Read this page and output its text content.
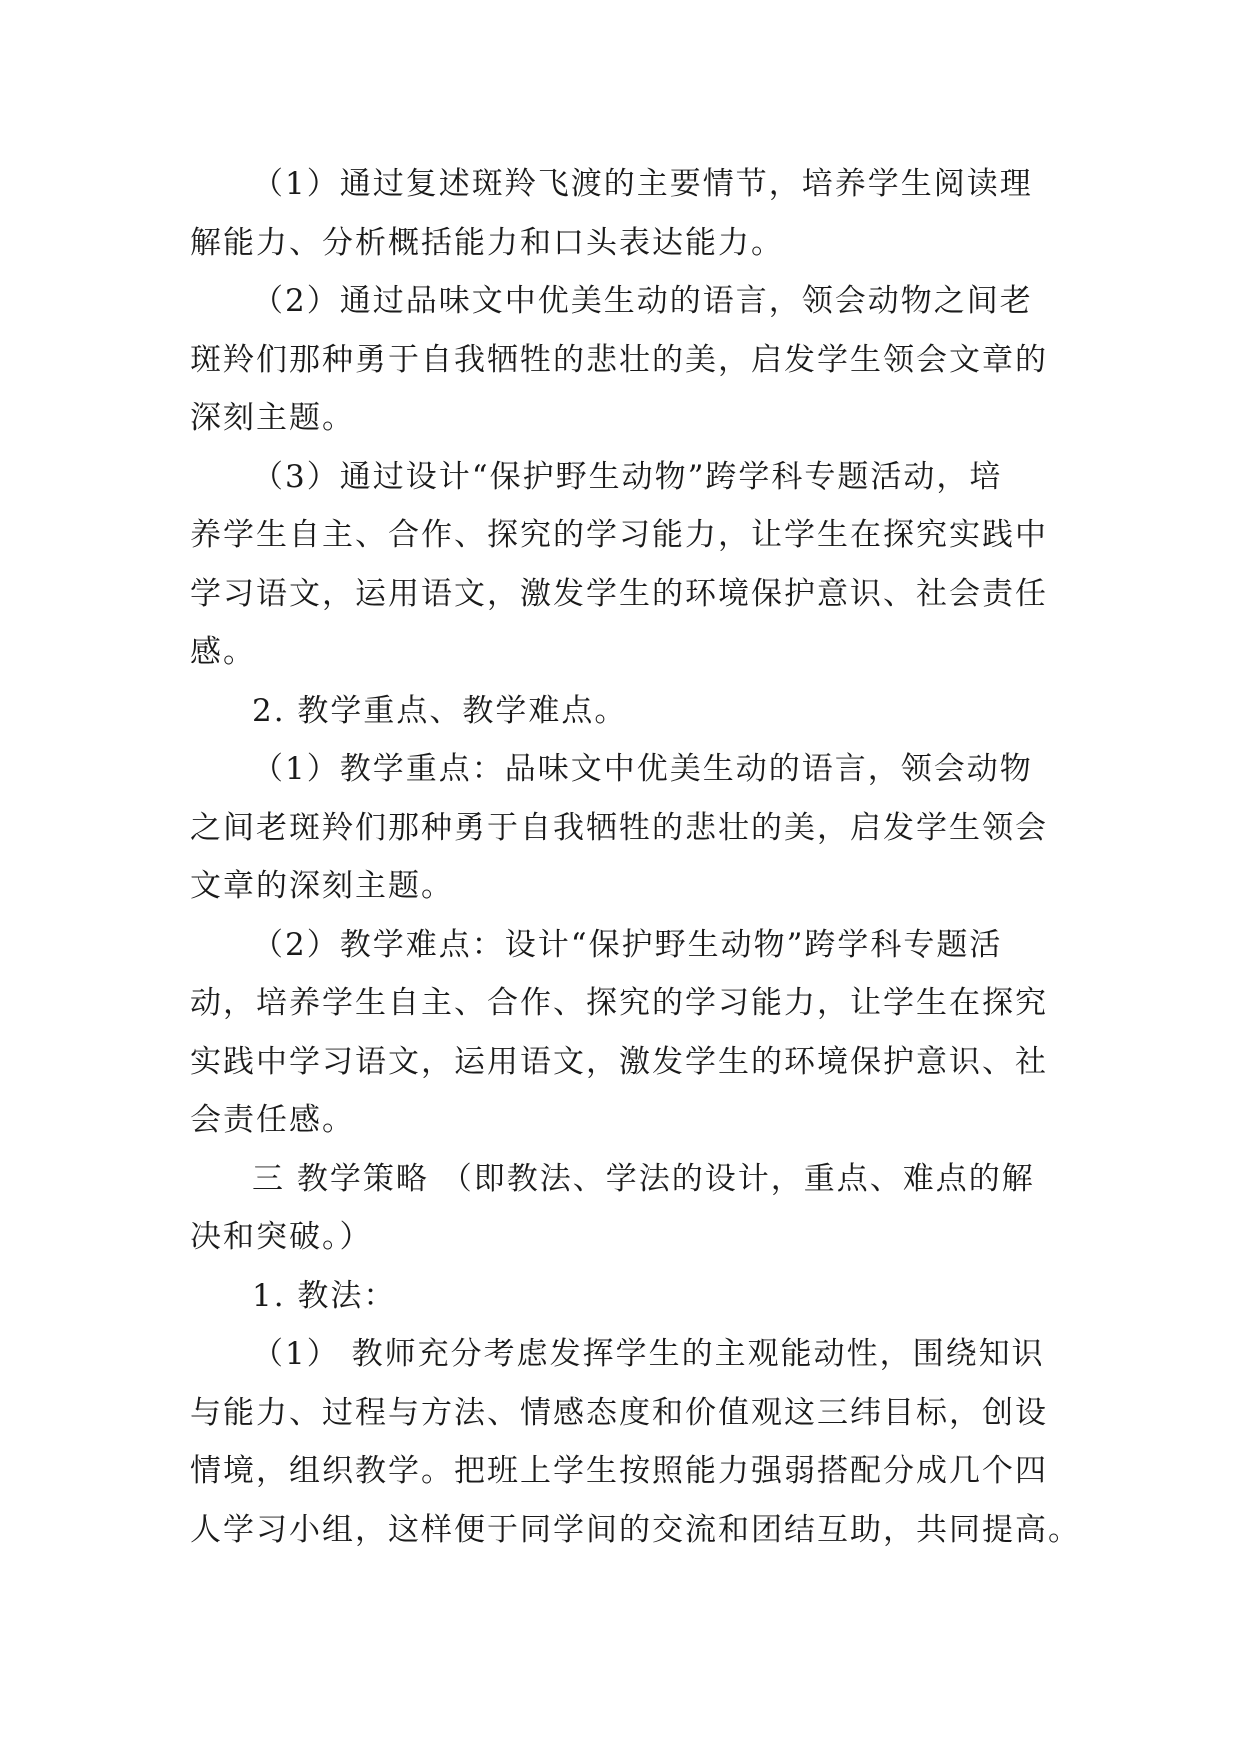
（1）通过复述斑羚飞渡的主要情节，培养学生阅读理
解能力、分析概括能力和口头表达能力。
（2）通过品味文中优美生动的语言，领会动物之间老
斑羚们那种勇于自我牺牲的悲壮的美，启发学生领会文章的
深刻主题。
（3）通过设计“保护野生动物”跨学科专题活动，培
养学生自主、合作、探究的学习能力，让学生在探究实践中
学习语文，运用语文，激发学生的环境保护意识、社会责任
感。
2. 教学重点、教学难点。
（1）教学重点：品味文中优美生动的语言，领会动物
之间老斑羚们那种勇于自我牺牲的悲壮的美，启发学生领会
文章的深刻主题。
（2）教学难点：设计“保护野生动物”跨学科专题活
动，培养学生自主、合作、探究的学习能力，让学生在探究
实践中学习语文，运用语文，激发学生的环境保护意识、社
会责任感。
三 教学策略 （即教法、学法的设计，重点、难点的解
决和突破。）
1. 教法：
（1） 教师充分考虑发挥学生的主观能动性，围绕知识
与能力、过程与方法、情感态度和价值观这三纬目标，创设
情境，组织教学。把班上学生按照能力强弱搭配分成几个四
人学习小组，这样便于同学间的交流和团结互助，共同提高。
